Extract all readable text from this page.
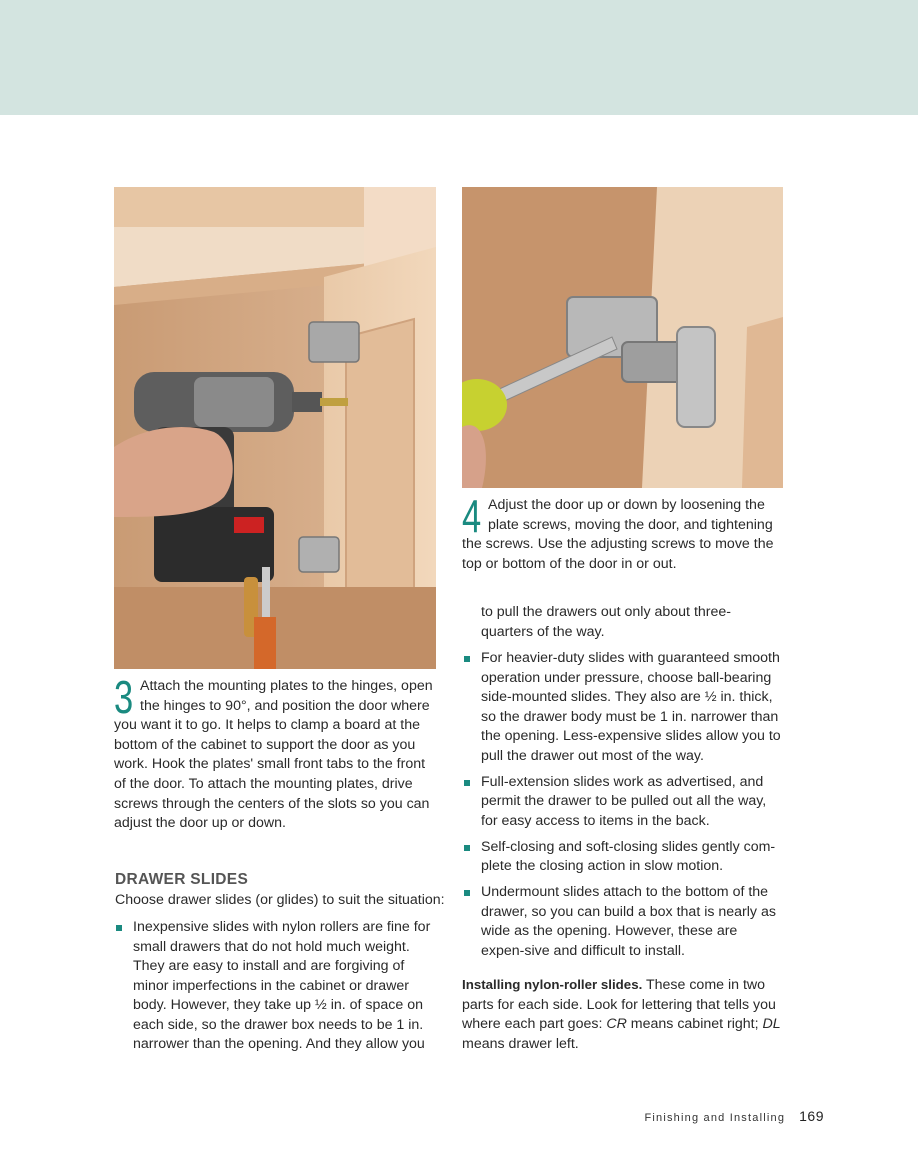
3 Attach the mounting plates to the hinges, open the hinges to 90°, and position the door where you want it to go. It helps to clamp a board at the bottom of the cabinet to support the door as you work. Hook the plates' small front tabs to the front of the door. To attach the mounting plates, drive screws through the centers of the slots so you can adjust the door up or down.
4 Adjust the door up or down by loosening the plate screws, moving the door, and tightening the screws. Use the adjusting screws to move the top or bottom of the door in or out.
DRAWER SLIDES
Choose drawer slides (or glides) to suit the situation:
Inexpensive slides with nylon rollers are fine for small drawers that do not hold much weight. They are easy to install and are forgiving of minor imperfections in the cabinet or drawer body. However, they take up ½ in. of space on each side, so the drawer box needs to be 1 in. narrower than the opening. And they allow you
to pull the drawers out only about three-quarters of the way.
For heavier-duty slides with guaranteed smooth operation under pressure, choose ball-bearing side-mounted slides. They also are ½ in. thick, so the drawer body must be 1 in. narrower than the opening. Less-expensive slides allow you to pull the drawer out most of the way.
Full-extension slides work as advertised, and permit the drawer to be pulled out all the way, for easy access to items in the back.
Self-closing and soft-closing slides gently com-plete the closing action in slow motion.
Undermount slides attach to the bottom of the drawer, so you can build a box that is nearly as wide as the opening. However, these are expen-sive and difficult to install.
Installing nylon-roller slides. These come in two parts for each side. Look for lettering that tells you where each part goes: CR means cabinet right; DL means drawer left.
Finishing and Installing 169
